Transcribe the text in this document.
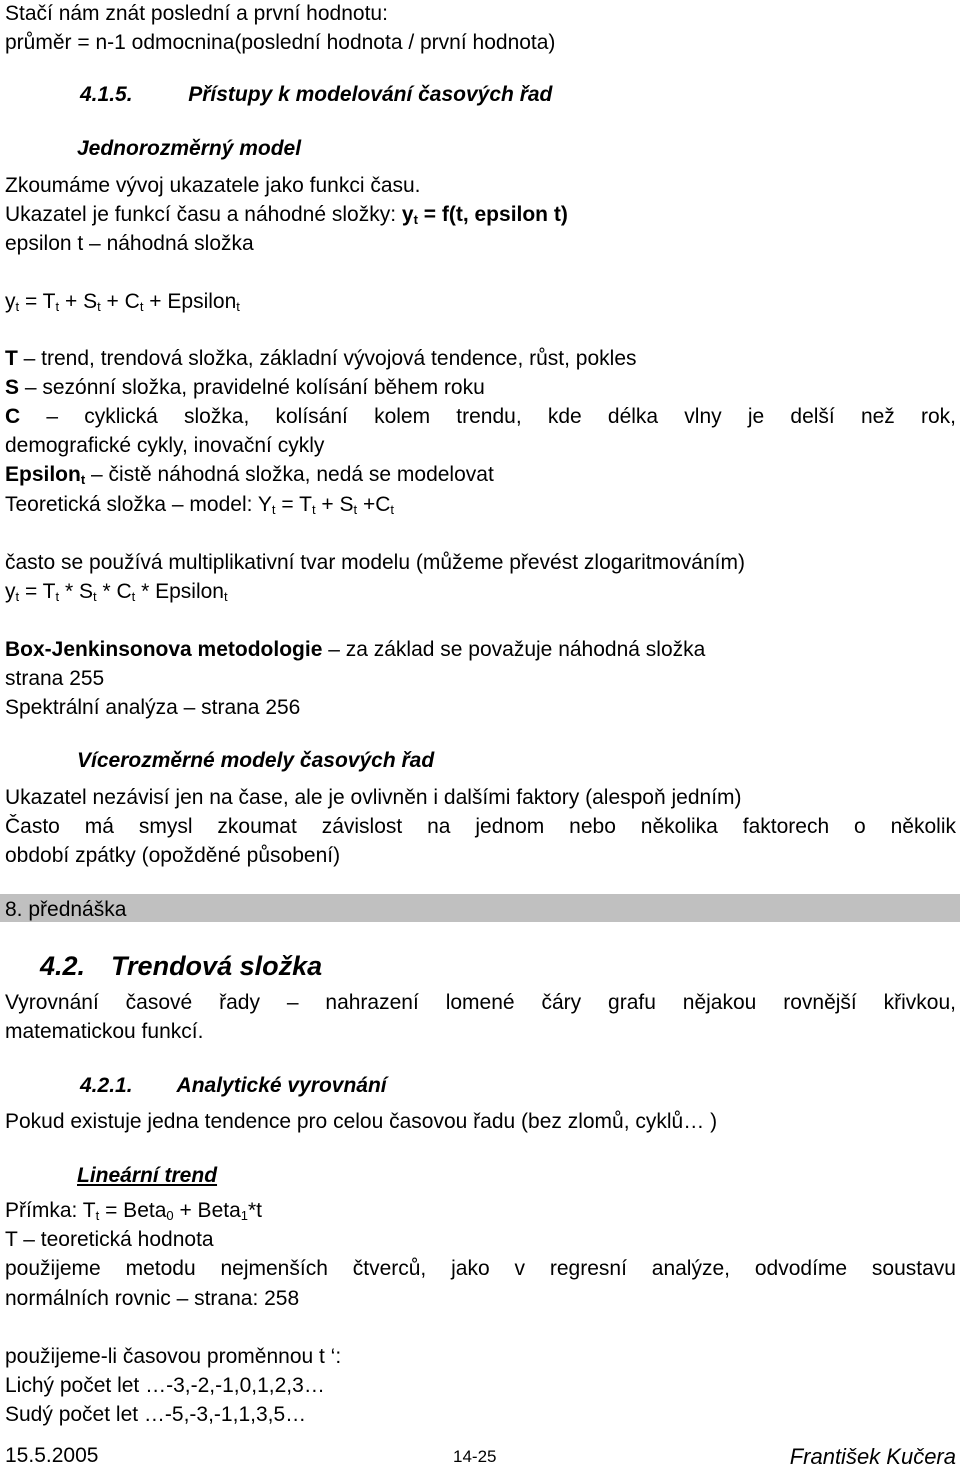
Stačí nám znát poslední a první hodnotu:
průměr = n-1 odmocnina(poslední hodnota / první hodnota)
4.1.5.	Přístupy k modelování časových řad
Jednorozměrný model
Zkoumáme vývoj ukazatele jako funkci času.
Ukazatel je funkcí času a náhodné složky: $y_t = f(t$, epsilon t)
epsilon t – náhodná složka
$y_t = T_t + S_t + C_t$ + Epsilon$_t$
T – trend, trendová složka, základní vývojová tendence, růst, pokles
S – sezónní složka, pravidelné kolísání během roku
C – cyklická složka, kolísání kolem trendu, kde délka vlny je delší než rok,
demografické cykly, inovační cykly
Epsilon$_t$ – čistě náhodná složka, nedá se modelovat
Teoretická složka – model: $Y_t = T_t + S_t +C_t$
často se používá multiplikativní tvar modelu (můžeme převést zlogaritmováním)
$y_t = T_t * S_t * C_t$ * Epsilon$_t$
Box-Jenkinsonova metodologie – za základ se považuje náhodná složka
strana 255
Spektrální analýza – strana 256
Vícerozměrné modely časových řad
Ukazatel nezávisí jen na čase, ale je ovlivněn i dalšími faktory (alespoň jedním)
Často má smysl zkoumat závislost na jednom nebo několika faktorech o několik
období zpátky (opožděné působení)
8. přednáška
4.2. Trendová složka
Vyrovnání časové řady – nahrazení lomené čáry grafu nějakou rovnější křivkou,
matematickou funkcí.
4.2.1. Analytické vyrovnání
Pokud existuje jedna tendence pro celou časovou řadu (bez zlomů, cyklů… )
Lineární trend
Přímka: $T_t$ = Beta$_0$ + Beta$_1$*t
T – teoretická hodnota
použijeme metodu nejmenších čtverců, jako v regresní analýze, odvodíme soustavu
normálních rovnic – strana: 258
použijeme-li časovou proměnnou t ‘:
Lichý počet let …-3,-2,-1,0,1,2,3…
Sudý počet let …-5,-3,-1,1,3,5…
15.5.2005	14-25	František Kučera
